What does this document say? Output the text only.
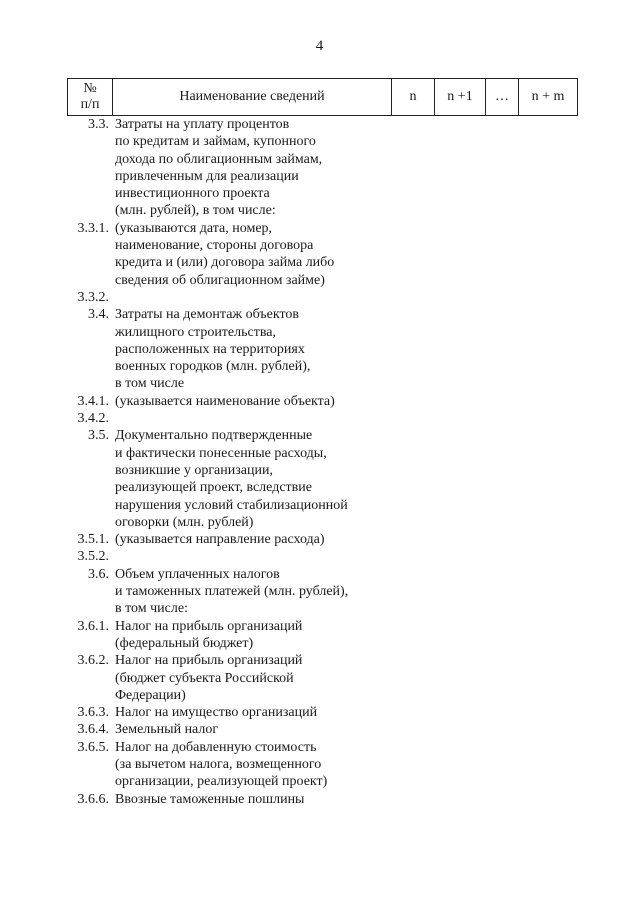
4
№
п/п
	Наименование сведений	n	n +1	…	n + m
3.3. Затраты на уплату процентов
по кредитам и займам, купонного
дохода по облигационным займам,
привлеченным для реализации
инвестиционного проекта
(млн. рублей), в том числе:
3.3.1. (указываются дата, номер,
наименование, стороны договора
кредита и (или) договора займа либо
сведения об облигационном займе)
3.3.2.

3.4. Затраты на демонтаж объектов
жилищного строительства,
расположенных на территориях
военных городков (млн. рублей),
в том числе
3.4.1. (указывается наименование объекта)
3.4.2.

3.5. Документально подтвержденные
и фактически понесенные расходы,
возникшие у организации,
реализующей проект, вследствие
нарушения условий стабилизационной
оговорки (млн. рублей)
3.5.1. (указывается направление расхода)
3.5.2.

3.6. Объем уплаченных налогов
и таможенных платежей (млн. рублей),
в том числе:
3.6.1. Налог на прибыль организаций
(федеральный бюджет)
3.6.2. Налог на прибыль организаций
(бюджет субъекта Российской
Федерации)
3.6.3. Налог на имущество организаций
3.6.4. Земельный налог
3.6.5. Налог на добавленную стоимость
(за вычетом налога, возмещенного
организации, реализующей проект)
3.6.6. Ввозные таможенные пошлины
